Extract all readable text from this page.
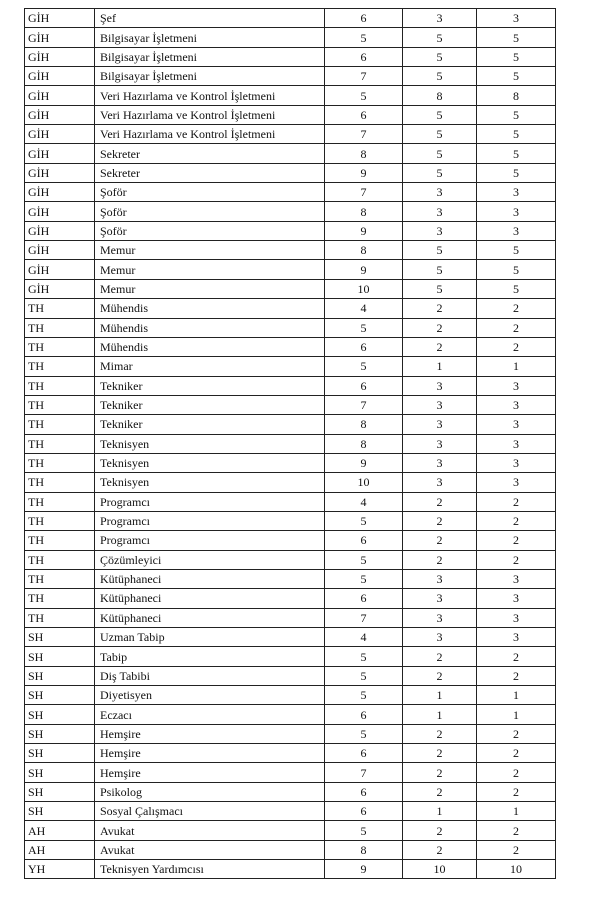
GİH	Şef	6	3	3
GİH	Bilgisayar İşletmeni	5	5	5
GİH	Bilgisayar İşletmeni	6	5	5
GİH	Bilgisayar İşletmeni	7	5	5
GİH	Veri Hazırlama ve Kontrol İşletmeni	5	8	8
GİH	Veri Hazırlama ve Kontrol İşletmeni	6	5	5
GİH	Veri Hazırlama ve Kontrol İşletmeni	7	5	5
GİH	Sekreter	8	5	5
GİH	Sekreter	9	5	5
GİH	Şoför	7	3	3
GİH	Şoför	8	3	3
GİH	Şoför	9	3	3
GİH	Memur	8	5	5
GİH	Memur	9	5	5
GİH	Memur	10	5	5
TH	Mühendis	4	2	2
TH	Mühendis	5	2	2
TH	Mühendis	6	2	2
TH	Mimar	5	1	1
TH	Tekniker	6	3	3
TH	Tekniker	7	3	3
TH	Tekniker	8	3	3
TH	Teknisyen	8	3	3
TH	Teknisyen	9	3	3
TH	Teknisyen	10	3	3
TH	Programcı	4	2	2
TH	Programcı	5	2	2
TH	Programcı	6	2	2
TH	Çözümleyici	5	2	2
TH	Kütüphaneci	5	3	3
TH	Kütüphaneci	6	3	3
TH	Kütüphaneci	7	3	3
SH	Uzman Tabip	4	3	3
SH	Tabip	5	2	2
SH	Diş Tabibi	5	2	2
SH	Diyetisyen	5	1	1
SH	Eczacı	6	1	1
SH	Hemşire	5	2	2
SH	Hemşire	6	2	2
SH	Hemşire	7	2	2
SH	Psikolog	6	2	2
SH	Sosyal Çalışmacı	6	1	1
AH	Avukat	5	2	2
AH	Avukat	8	2	2
YH	Teknisyen Yardımcısı	9	10	10
